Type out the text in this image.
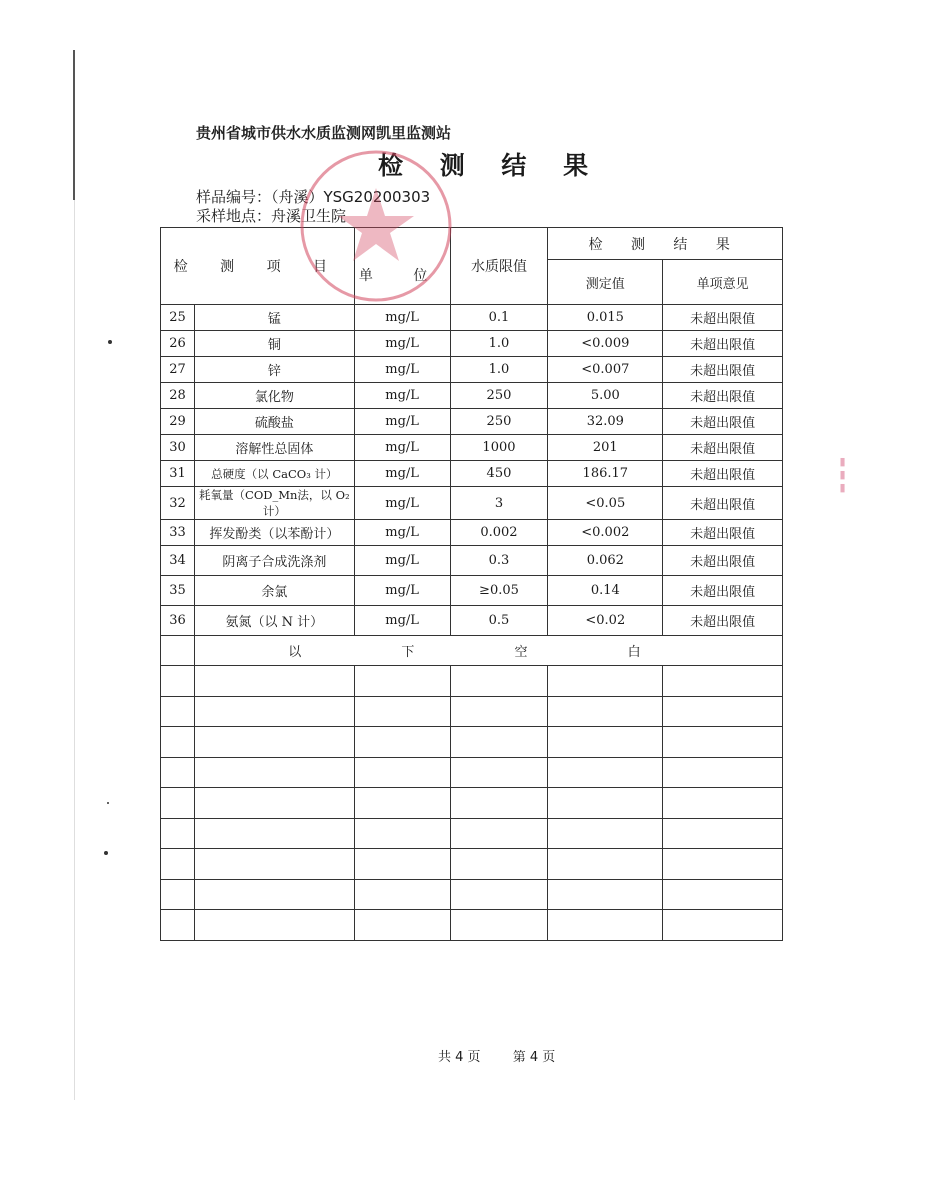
贵州省城市供水水质监测网凯里监测站
检 测 结 果
样品编号：（舟溪）YSG20200303
采样地点：舟溪卫生院
检 测 项 目		单 位	水质限值	检 测 结 果	
				测定值	单项意见
25	锰	mg/L	0.1	0.015	未超出限值
26	铜	mg/L	1.0	<0.009	未超出限值
27	锌	mg/L	1.0	<0.007	未超出限值
28	氯化物	mg/L	250	5.00	未超出限值
29	硫酸盐	mg/L	250	32.09	未超出限值
30	溶解性总固体	mg/L	1000	201	未超出限值
31	总硬度（以 CaCO₃ 计）	mg/L	450	186.17	未超出限值
32	耗氧量（COD_Mn法，以 O₂计）	mg/L	3	<0.05	未超出限值
33	挥发酚类（以苯酚计）	mg/L	0.002	<0.002	未超出限值
34	阴离子合成洗涤剂	mg/L	0.3	0.062	未超出限值
35	余氯	mg/L	≥0.05	0.14	未超出限值
36	氨氮（以 N 计）	mg/L	0.5	<0.02	未超出限值
	以 下 空 白				

▮▮▮
共 4 页 第 4 页
